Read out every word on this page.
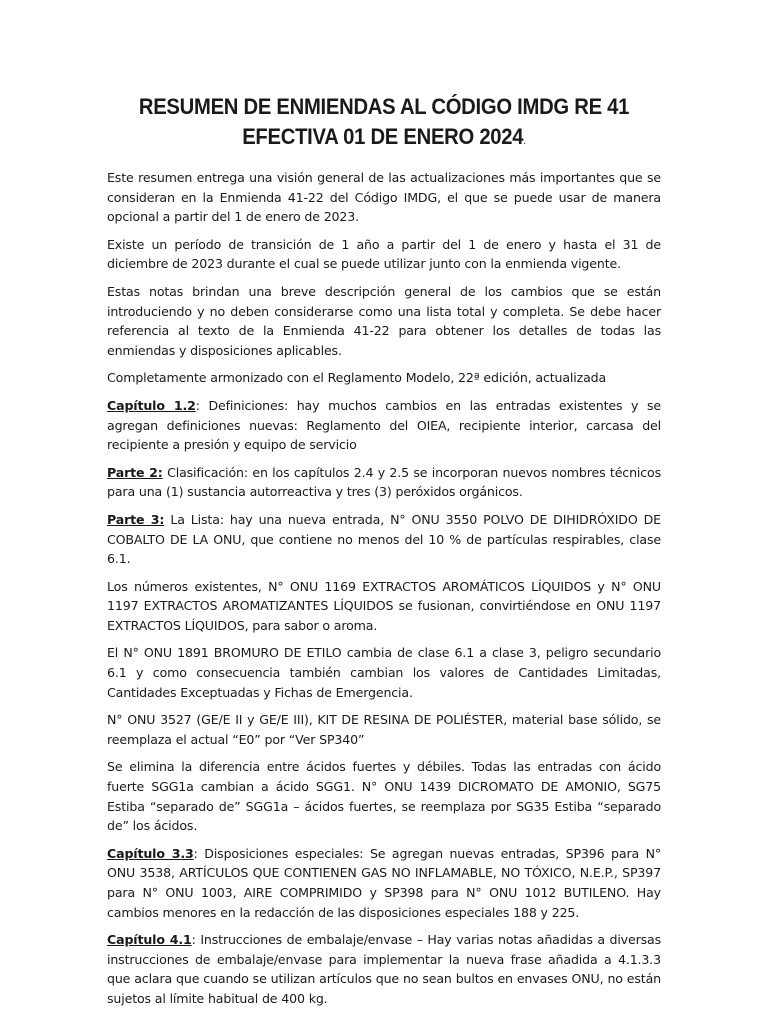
RESUMEN DE ENMIENDAS AL CÓDIGO IMDG RE 41
EFECTIVA 01 DE ENERO 2024.

Este resumen entrega una visión general de las actualizaciones más importantes que se consideran en la Enmienda 41-22 del Código IMDG, el que se puede usar de manera opcional a partir del 1 de enero de 2023.

Existe un período de transición de 1 año a partir del 1 de enero y hasta el 31 de diciembre de 2023 durante el cual se puede utilizar junto con la enmienda vigente.

Estas notas brindan una breve descripción general de los cambios que se están introduciendo y no deben considerarse como una lista total y completa. Se debe hacer referencia al texto de la Enmienda 41-22 para obtener los detalles de todas las enmiendas y disposiciones aplicables.

Completamente armonizado con el Reglamento Modelo, 22ª edición, actualizada

Capítulo 1.2: Definiciones: hay muchos cambios en las entradas existentes y se agregan definiciones nuevas: Reglamento del OIEA, recipiente interior, carcasa del recipiente a presión y equipo de servicio

Parte 2: Clasificación: en los capítulos 2.4 y 2.5 se incorporan nuevos nombres técnicos para una (1) sustancia autorreactiva y tres (3) peróxidos orgánicos.

Parte 3: La Lista: hay una nueva entrada, N° ONU 3550 POLVO DE DIHIDRÓXIDO DE COBALTO DE LA ONU, que contiene no menos del 10 % de partículas respirables, clase 6.1.

Los números existentes, N° ONU 1169 EXTRACTOS AROMÁTICOS LÍQUIDOS y N° ONU 1197 EXTRACTOS AROMATIZANTES LÍQUIDOS se fusionan, convirtiéndose en ONU 1197 EXTRACTOS LÍQUIDOS, para sabor o aroma.

El N° ONU 1891 BROMURO DE ETILO cambia de clase 6.1 a clase 3, peligro secundario 6.1 y como consecuencia también cambian los valores de Cantidades Limitadas, Cantidades Exceptuadas y Fichas de Emergencia.

N° ONU 3527 (GE/E II y GE/E III), KIT DE RESINA DE POLIÉSTER, material base sólido, se reemplaza el actual “E0” por “Ver SP340”

Se elimina la diferencia entre ácidos fuertes y débiles. Todas las entradas con ácido fuerte SGG1a cambian a ácido SGG1. N° ONU 1439 DICROMATO DE AMONIO, SG75 Estiba “separado de” SGG1a – ácidos fuertes, se reemplaza por SG35 Estiba “separado de” los ácidos.

Capítulo 3.3: Disposiciones especiales: Se agregan nuevas entradas, SP396 para N° ONU 3538, ARTÍCULOS QUE CONTIENEN GAS NO INFLAMABLE, NO TÓXICO, N.E.P., SP397 para N° ONU 1003, AIRE COMPRIMIDO y SP398 para N° ONU 1012 BUTILENO. Hay cambios menores en la redacción de las disposiciones especiales 188 y 225.

Capítulo 4.1: Instrucciones de embalaje/envase – Hay varias notas añadidas a diversas instrucciones de embalaje/envase para implementar la nueva frase añadida a 4.1.3.3 que aclara que cuando se utilizan artículos que no sean bultos en envases ONU, no están sujetos al límite habitual de 400 kg.
